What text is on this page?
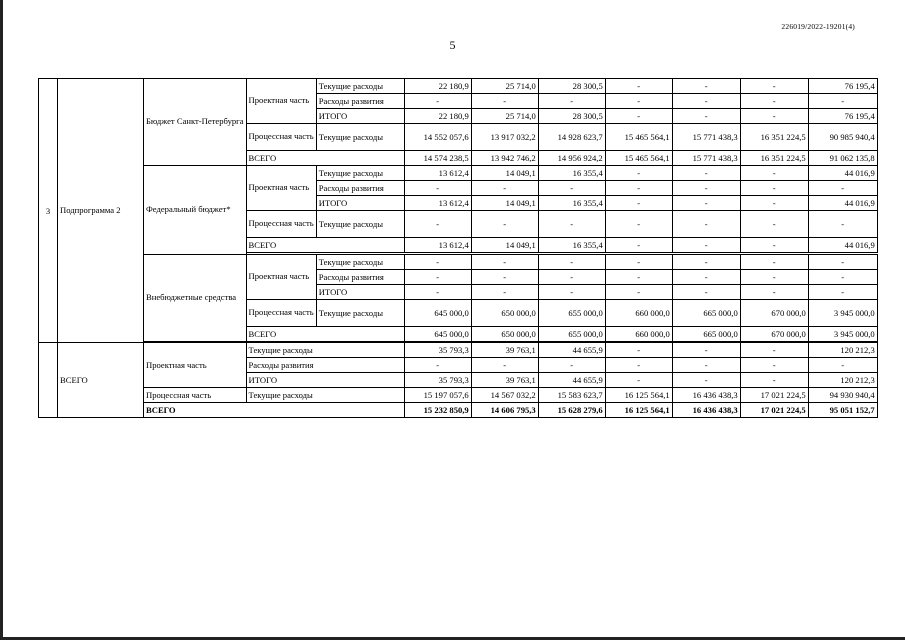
226019/2022-19201(4)
5
3	Подпрограмма 2	Бюджет Санкт-Петербурга	Проектная часть	Текущие расходы	22 180,9	25 714,0	28 300,5	-	-	-	76 195,4
				Расходы развития	-	-	-	-	-	-	-
				ИТОГО	22 180,9	25 714,0	28 300,5	-	-	-	76 195,4
			Процессная часть	Текущие расходы	14 552 057,6	13 917 032,2	14 928 623,7	15 465 564,1	15 771 438,3	16 351 224,5	90 985 940,4
			ВСЕГО		14 574 238,5	13 942 746,2	14 956 924,2	15 465 564,1	15 771 438,3	16 351 224,5	91 062 135,8
		Федеральный бюджет*	Проектная часть	Текущие расходы	13 612,4	14 049,1	16 355,4	-	-	-	44 016,9
				Расходы развития	-	-	-	-	-	-	-
				ИТОГО	13 612,4	14 049,1	16 355,4	-	-	-	44 016,9
			Процессная часть	Текущие расходы	-	-	-	-	-	-	-
			ВСЕГО		13 612,4	14 049,1	16 355,4	-	-	-	44 016,9

		Внебюджетные средства	Проектная часть	Текущие расходы	-	-	-	-	-	-	-
				Расходы развития	-	-	-	-	-	-	-
				ИТОГО	-	-	-	-	-	-	-
			Процессная часть	Текущие расходы	645 000,0	650 000,0	655 000,0	660 000,0	665 000,0	670 000,0	3 945 000,0
			ВСЕГО		645 000,0	650 000,0	655 000,0	660 000,0	665 000,0	670 000,0	3 945 000,0

	ВСЕГО	Проектная часть	Текущие расходы		35 793,3	39 763,1	44 655,9	-	-	-	120 212,3
			Расходы развития		-	-	-	-	-	-	-
			ИТОГО		35 793,3	39 763,1	44 655,9	-	-	-	120 212,3
		Процессная часть	Текущие расходы		15 197 057,6	14 567 032,2	15 583 623,7	16 125 564,1	16 436 438,3	17 021 224,5	94 930 940,4
		ВСЕГО			15 232 850,9	14 606 795,3	15 628 279,6	16 125 564,1	16 436 438,3	17 021 224,5	95 051 152,7
